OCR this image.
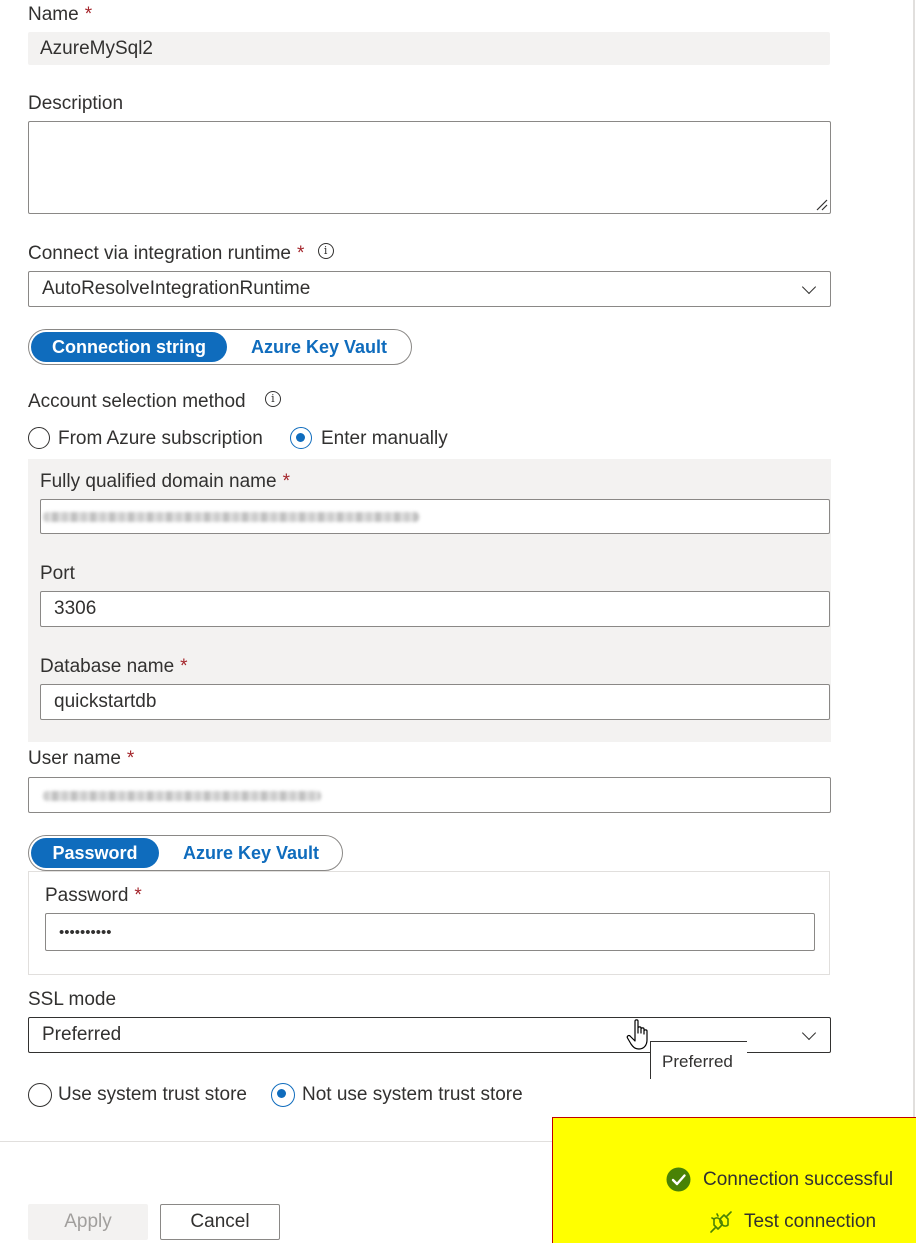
Name *
AzureMySql2
Description
Connect via integration runtime * i
AutoResolveIntegrationRuntime
Connection string	Azure Key Vault
Account selection method i
From Azure subscription	Enter manually
Fully qualified domain name *
Port
3306
Database name *
quickstartdb
User name *
Password	Azure Key Vault
Password *
••••••••••
SSL mode
Preferred
Preferred
Use system trust store	Not use system trust store
Apply	Cancel
Connection successful
Test connection
